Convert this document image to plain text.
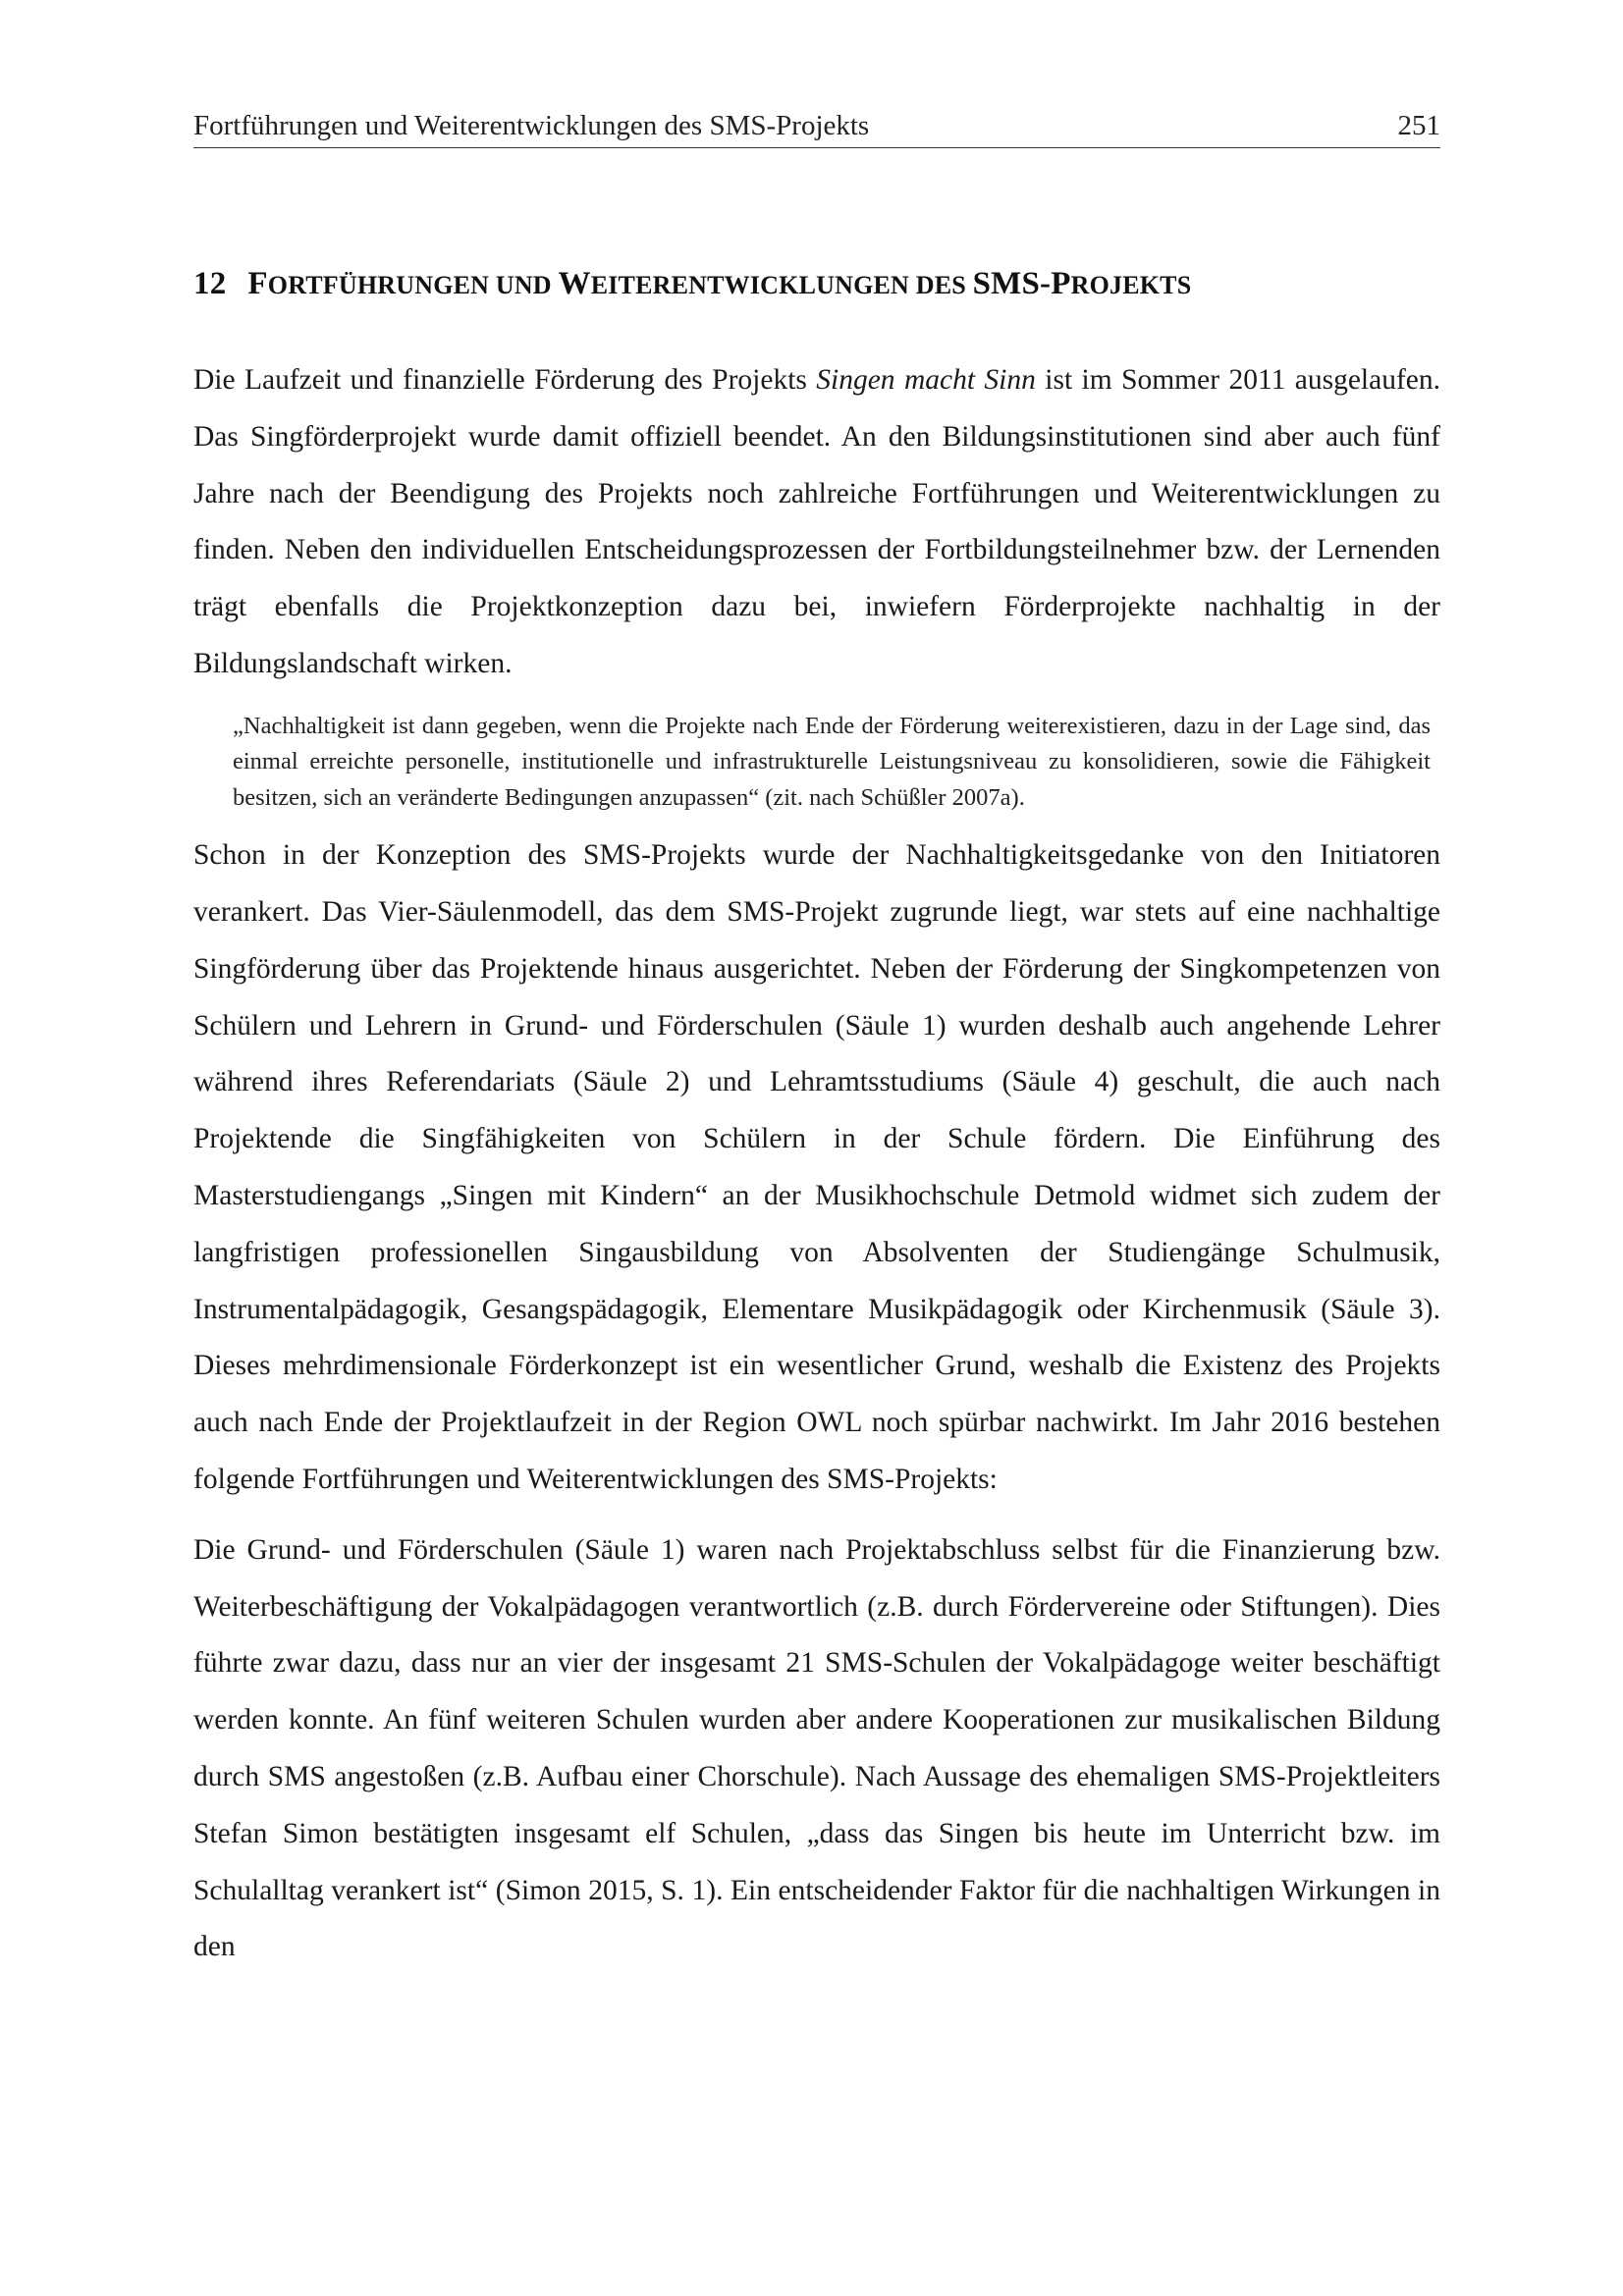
Fortführungen und Weiterentwicklungen des SMS-Projekts	251
12 FORTFÜHRUNGEN UND WEITERENTWICKLUNGEN DES SMS-PROJEKTS

Die Laufzeit und finanzielle Förderung des Projekts Singen macht Sinn ist im Sommer 2011 ausgelaufen. Das Singförderprojekt wurde damit offiziell beendet. An den Bildungsinstitutionen sind aber auch fünf Jahre nach der Beendigung des Projekts noch zahlreiche Fortführungen und Weiterentwicklungen zu finden. Neben den individuellen Entscheidungsprozessen der Fortbildungsteilnehmer bzw. der Lernenden trägt ebenfalls die Projektkonzeption dazu bei, inwiefern Förderprojekte nachhaltig in der Bildungslandschaft wirken.

„Nachhaltigkeit ist dann gegeben, wenn die Projekte nach Ende der Förderung weiterexistieren, dazu in der Lage sind, das einmal erreichte personelle, institutionelle und infrastrukturelle Leistungsniveau zu konsolidieren, sowie die Fähigkeit besitzen, sich an veränderte Bedingungen anzupassen“ (zit. nach Schüßler 2007a).

Schon in der Konzeption des SMS-Projekts wurde der Nachhaltigkeitsgedanke von den Initiatoren verankert. Das Vier-Säulenmodell, das dem SMS-Projekt zugrunde liegt, war stets auf eine nachhaltige Singförderung über das Projektende hinaus ausgerichtet. Neben der Förderung der Singkompetenzen von Schülern und Lehrern in Grund- und Förderschulen (Säule 1) wurden deshalb auch angehende Lehrer während ihres Referendariats (Säule 2) und Lehramtsstudiums (Säule 4) geschult, die auch nach Projektende die Singfähigkeiten von Schülern in der Schule fördern. Die Einführung des Masterstudiengangs „Singen mit Kindern“ an der Musikhochschule Detmold widmet sich zudem der langfristigen professionellen Singausbildung von Absolventen der Studiengänge Schulmusik, Instrumentalpädagogik, Gesangspädagogik, Elementare Musikpädagogik oder Kirchenmusik (Säule 3). Dieses mehrdimensionale Förderkonzept ist ein wesentlicher Grund, weshalb die Existenz des Projekts auch nach Ende der Projektlaufzeit in der Region OWL noch spürbar nachwirkt. Im Jahr 2016 bestehen folgende Fortführungen und Weiterentwicklungen des SMS-Projekts:

Die Grund- und Förderschulen (Säule 1) waren nach Projektabschluss selbst für die Finanzierung bzw. Weiterbeschäftigung der Vokalpädagogen verantwortlich (z.B. durch Fördervereine oder Stiftungen). Dies führte zwar dazu, dass nur an vier der insgesamt 21 SMS-Schulen der Vokalpädagoge weiter beschäftigt werden konnte. An fünf weiteren Schulen wurden aber andere Kooperationen zur musikalischen Bildung durch SMS angestoßen (z.B. Aufbau einer Chorschule). Nach Aussage des ehemaligen SMS-Projektleiters Stefan Simon bestätigten insgesamt elf Schulen, „dass das Singen bis heute im Unterricht bzw. im Schulalltag verankert ist“ (Simon 2015, S. 1). Ein entscheidender Faktor für die nachhaltigen Wirkungen in den
